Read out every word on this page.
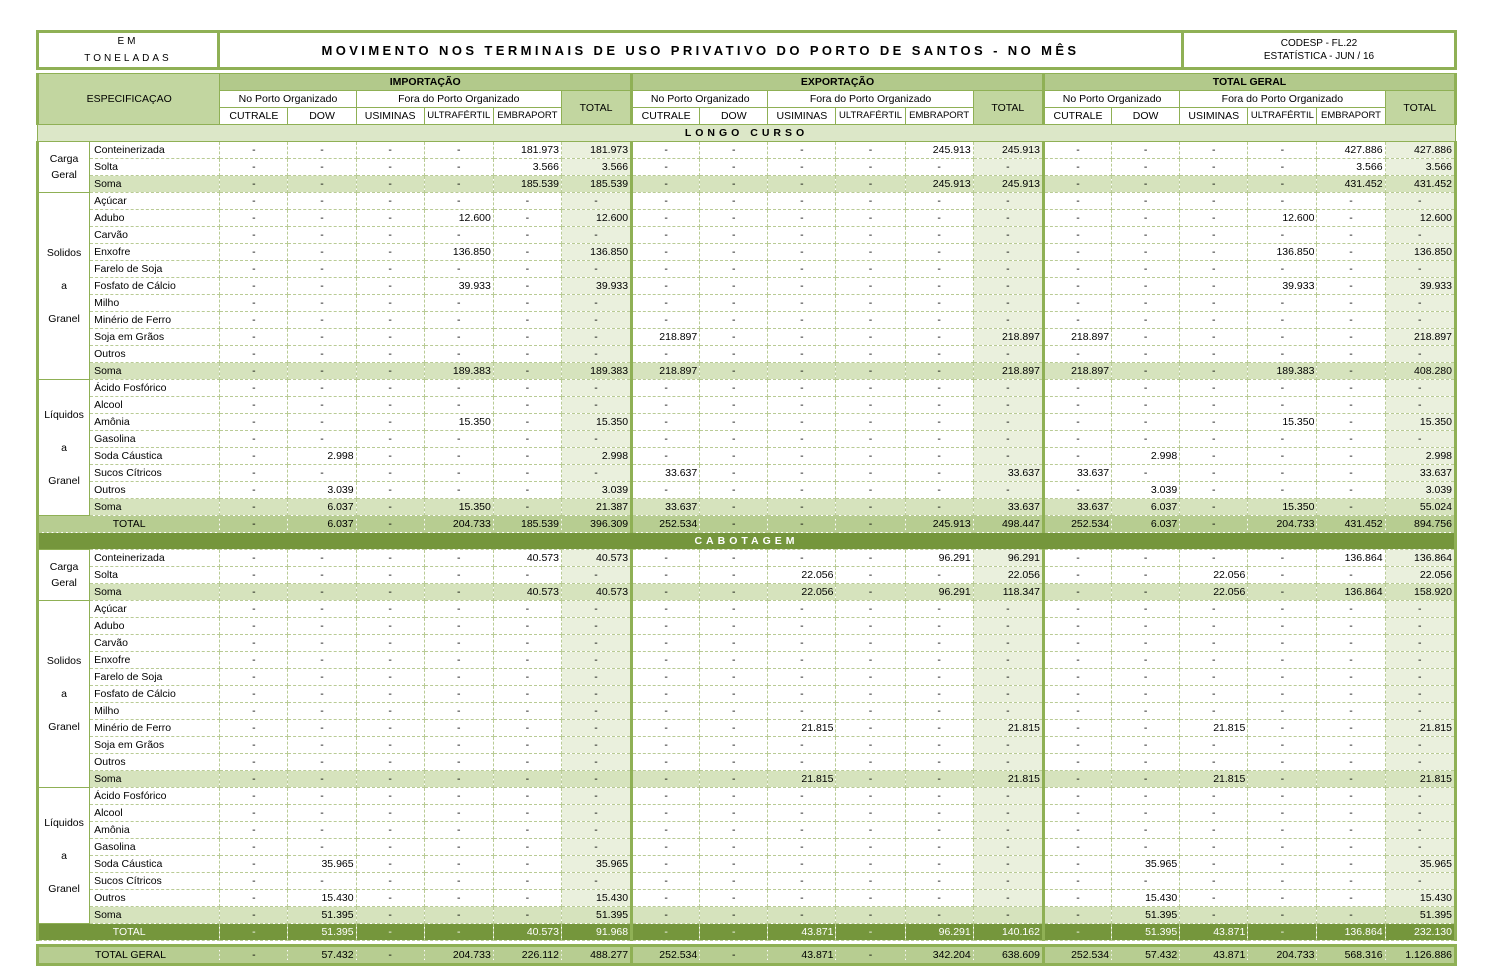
EM
TONELADAS
MOVIMENTO NOS TERMINAIS DE USO PRIVATIVO DO PORTO DE SANTOS - NO MÊS	CODESP - FL.22
ESTATÍSTICA - JUN / 16
ESPECIFICAÇAO		IMPORTAÇÃO						EXPORTAÇÃO						TOTAL GERAL					
		No Porto Organizado		Fora do Porto Organizado			TOTAL	No Porto Organizado		Fora do Porto Organizado			TOTAL	No Porto Organizado		Fora do Porto Organizado			TOTAL
		CUTRALE	DOW	USIMINAS	ULTRAFÉRTIL	EMBRAPORT		CUTRALE	DOW	USIMINAS	ULTRAFÉRTIL	EMBRAPORT		CUTRALE	DOW	USIMINAS	ULTRAFÉRTIL	EMBRAPORT	
LONGO CURSO																			

Carga
Geral	Conteinerizada	-	-	-	-	181.973	181.973	-	-	-	-	245.913	245.913	-	-	-	-	427.886	427.886
	Solta	-	-	-	-	3.566	3.566	-	-	-	-	-	-	-	-	-	-	3.566	3.566
	Soma	-	-	-	-	185.539	185.539	-	-	-	-	245.913	245.913	-	-	-	-	431.452	431.452

Solidos
a
Granel	Açúcar	-	-	-	-	-	-	-	-	-	-	-	-	-	-	-	-	-	-
	Adubo	-	-	-	12.600	-	12.600	-	-	-	-	-	-	-	-	-	12.600	-	12.600
	Carvão	-	-	-	-	-	-	-	-	-	-	-	-	-	-	-	-	-	-
	Enxofre	-	-	-	136.850	-	136.850	-	-	-	-	-	-	-	-	-	136.850	-	136.850
	Farelo de Soja	-	-	-	-	-	-	-	-	-	-	-	-	-	-	-	-	-	-
	Fosfato de Cálcio	-	-	-	39.933	-	39.933	-	-	-	-	-	-	-	-	-	39.933	-	39.933
	Milho	-	-	-	-	-	-	-	-	-	-	-	-	-	-	-	-	-	-
	Minério de Ferro	-	-	-	-	-	-	-	-	-	-	-	-	-	-	-	-	-	-
	Soja em Grãos	-	-	-	-	-	-	218.897	-	-	-	-	218.897	218.897	-	-	-	-	218.897
	Outros	-	-	-	-	-	-	-	-	-	-	-	-	-	-	-	-	-	-
	Soma	-	-	-	189.383	-	189.383	218.897	-	-	-	-	218.897	218.897	-	-	189.383	-	408.280

Líquidos
a
Granel	Ácido Fosfórico	-	-	-	-	-	-	-	-	-	-	-	-	-	-	-	-	-	-
	Alcool	-	-	-	-	-	-	-	-	-	-	-	-	-	-	-	-	-	-
	Amônia	-	-	-	15.350	-	15.350	-	-	-	-	-	-	-	-	-	15.350	-	15.350
	Gasolina	-	-	-	-	-	-	-	-	-	-	-	-	-	-	-	-	-	-
	Soda Cáustica	-	2.998	-	-	-	2.998	-	-	-	-	-	-	-	2.998	-	-	-	2.998
	Sucos Cítricos	-	-	-	-	-	-	33.637	-	-	-	-	33.637	33.637	-	-	-	-	33.637
	Outros	-	3.039	-	-	-	3.039	-	-	-	-	-	-	-	3.039	-	-	-	3.039
	Soma	-	6.037	-	15.350	-	21.387	33.637	-	-	-	-	33.637	33.637	6.037	-	15.350	-	55.024
TOTAL		-	6.037	-	204.733	185.539	396.309	252.534	-	-	-	245.913	498.447	252.534	6.037	-	204.733	431.452	894.756
CABOTAGEM																			

Carga
Geral	Conteinerizada	-	-	-	-	40.573	40.573	-	-	-	-	96.291	96.291	-	-	-	-	136.864	136.864
	Solta	-	-	-	-	-	-	-	-	22.056	-	-	22.056	-	-	22.056	-	-	22.056
	Soma	-	-	-	-	40.573	40.573	-	-	22.056	-	96.291	118.347	-	-	22.056	-	136.864	158.920

Solidos
a
Granel	Açúcar	-	-	-	-	-	-	-	-	-	-	-	-	-	-	-	-	-	-
	Adubo	-	-	-	-	-	-	-	-	-	-	-	-	-	-	-	-	-	-
	Carvão	-	-	-	-	-	-	-	-	-	-	-	-	-	-	-	-	-	-
	Enxofre	-	-	-	-	-	-	-	-	-	-	-	-	-	-	-	-	-	-
	Farelo de Soja	-	-	-	-	-	-	-	-	-	-	-	-	-	-	-	-	-	-
	Fosfato de Cálcio	-	-	-	-	-	-	-	-	-	-	-	-	-	-	-	-	-	-
	Milho	-	-	-	-	-	-	-	-	-	-	-	-	-	-	-	-	-	-
	Minério de Ferro	-	-	-	-	-	-	-	-	21.815	-	-	21.815	-	-	21.815	-	-	21.815
	Soja em Grãos	-	-	-	-	-	-	-	-	-	-	-	-	-	-	-	-	-	-
	Outros	-	-	-	-	-	-	-	-	-	-	-	-	-	-	-	-	-	-
	Soma	-	-	-	-	-	-	-	-	21.815	-	-	21.815	-	-	21.815	-	-	21.815

Líquidos
a
Granel	Ácido Fosfórico	-	-	-	-	-	-	-	-	-	-	-	-	-	-	-	-	-	-
	Alcool	-	-	-	-	-	-	-	-	-	-	-	-	-	-	-	-	-	-
	Amônia	-	-	-	-	-	-	-	-	-	-	-	-	-	-	-	-	-	-
	Gasolina	-	-	-	-	-	-	-	-	-	-	-	-	-	-	-	-	-	-
	Soda Cáustica	-	35.965	-	-	-	35.965	-	-	-	-	-	-	-	35.965	-	-	-	35.965
	Sucos Cítricos	-	-	-	-	-	-	-	-	-	-	-	-	-	-	-	-	-	-
	Outros	-	15.430	-	-	-	15.430	-	-	-	-	-	-	-	15.430	-	-	-	15.430
	Soma	-	51.395	-	-	-	51.395	-	-	-	-	-	-	-	51.395	-	-	-	51.395
TOTAL		-	51.395	-	-	40.573	91.968	-	-	43.871	-	96.291	140.162	-	51.395	43.871	-	136.864	232.130

TOTAL GERAL		-	57.432	-	204.733	226.112	488.277	252.534	-	43.871	-	342.204	638.609	252.534	57.432	43.871	204.733	568.316	1.126.886
